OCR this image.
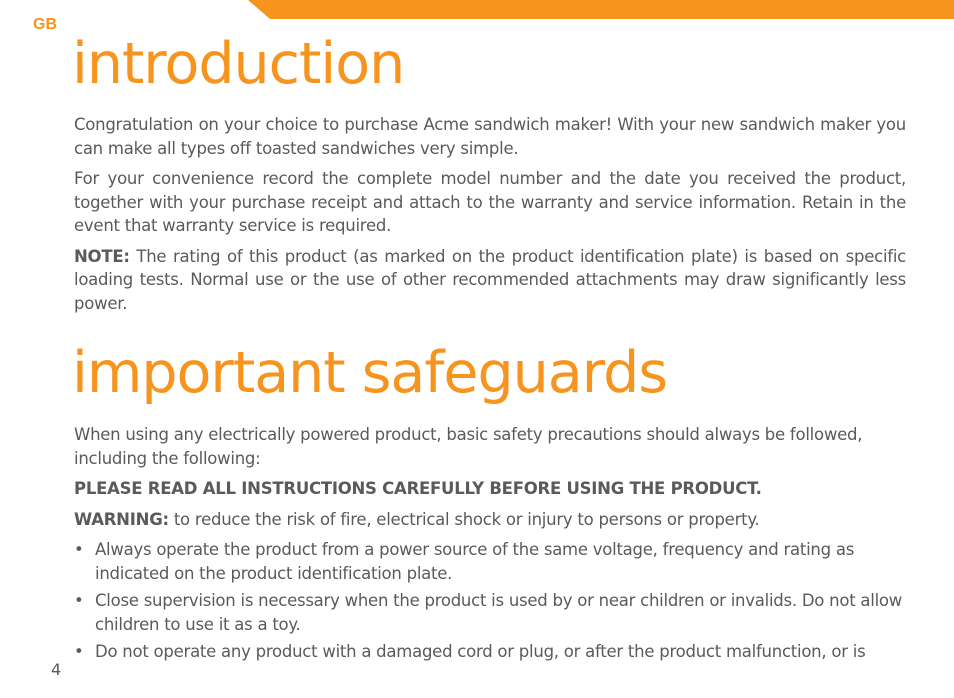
GB
introduction

Congratulation on your choice to purchase Acme sandwich maker! With your new sandwich maker you can make all types off toasted sandwiches very simple.

For your convenience record the complete model number and the date you received the product, together with your purchase receipt and attach to the warranty and service information. Retain in the event that warranty service is required.

NOTE: The rating of this product (as marked on the product identification plate) is based on specific loading tests. Normal use or the use of other recommended attachments may draw significantly less power.

important safeguards

When using any electrically powered product, basic safety precautions should always be followed, including the following:

PLEASE READ ALL INSTRUCTIONS CAREFULLY BEFORE USING THE PRODUCT.

WARNING: to reduce the risk of fire, electrical shock or injury to persons or property.

• Always operate the product from a power source of the same voltage, frequency and rating as indicated on the product identification plate.
• Close supervision is necessary when the product is used by or near children or invalids. Do not allow children to use it as a toy.
• Do not operate any product with a damaged cord or plug, or after the product malfunction, or is
4
